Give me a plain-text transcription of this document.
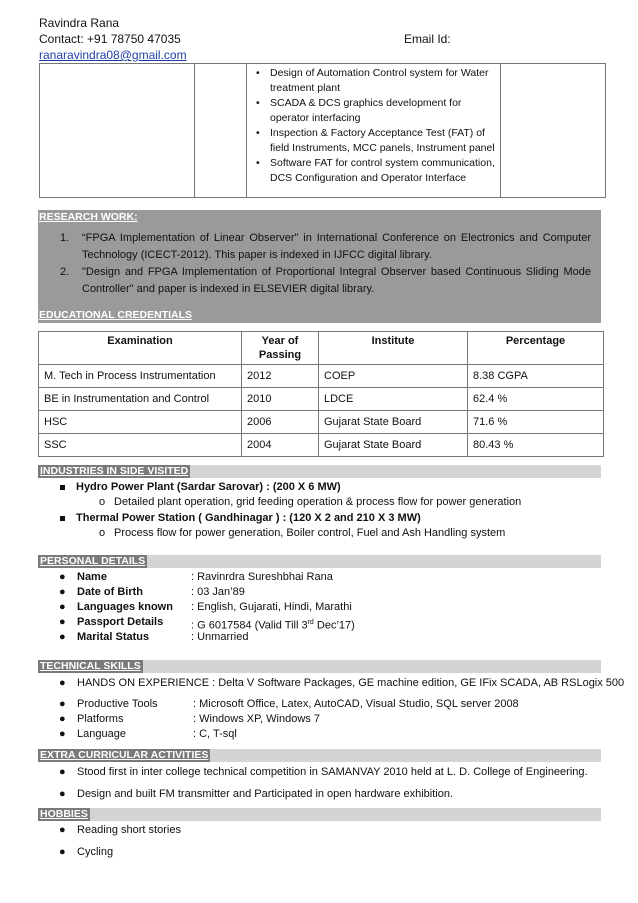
Ravindra Rana
Contact: +91 78750 47035	Email Id:
ranaravindra08@gmail.com

• Design of Automation Control system for Water treatment plant
• SCADA & DCS graphics development for operator interfacing
• Inspection & Factory Acceptance Test (FAT) of field Instruments, MCC panels, Instrument panel
• Software FAT for control system communication, DCS Configuration and Operator Interface

RESEARCH WORK:
1. “FPGA Implementation of Linear Observer" in International Conference on Electronics and Computer Technology (ICECT-2012). This paper is indexed in IJFCC digital library.
2. "Design and FPGA Implementation of Proportional Integral Observer based Continuous Sliding Mode Controller" and paper is indexed in ELSEVIER digital library.
EDUCATIONAL CREDENTIALS
Examination	Year of Passing	Institute	Percentage
M. Tech in Process Instrumentation	2012	COEP	8.38 CGPA
BE in Instrumentation and Control	2010	LDCE	62.4 %
HSC	2006	Gujarat State Board	71.6 %
SSC	2004	Gujarat State Board	80.43 %
INDUSTRIES IN SIDE VISITED
Hydro Power Plant (Sardar Sarovar) : (200 X 6 MW)
o Detailed plant operation, grid feeding operation & process flow for power generation
Thermal Power Station ( Gandhinagar ) : (120 X 2 and 210 X 3 MW)
o Process flow for power generation, Boiler control, Fuel and Ash Handling system
PERSONAL DETAILS
● Name	: Ravinrdra Sureshbhai Rana
● Date of Birth	: 03 Jan’89
● Languages known : English, Gujarati, Hindi, Marathi
● Passport Details	: G 6017584 (Valid Till 3rd Dec’17)
● Marital Status	: Unmarried
TECHNICAL SKILLS
● HANDS ON EXPERIENCE : Delta V Software Packages, GE machine edition, GE IFix SCADA, AB RSLogix 500
● Productive Tools	: Microsoft Office, Latex, AutoCAD, Visual Studio, SQL server 2008
● Platforms	: Windows XP, Windows 7
● Language	: C, T-sql
EXTRA CURRICULAR ACTIVITIES
● Stood first in inter college technical competition in SAMANVAY 2010 held at L. D. College of Engineering.
● Design and built FM transmitter and Participated in open hardware exhibition.
HOBBIES
● Reading short stories
● Cycling
